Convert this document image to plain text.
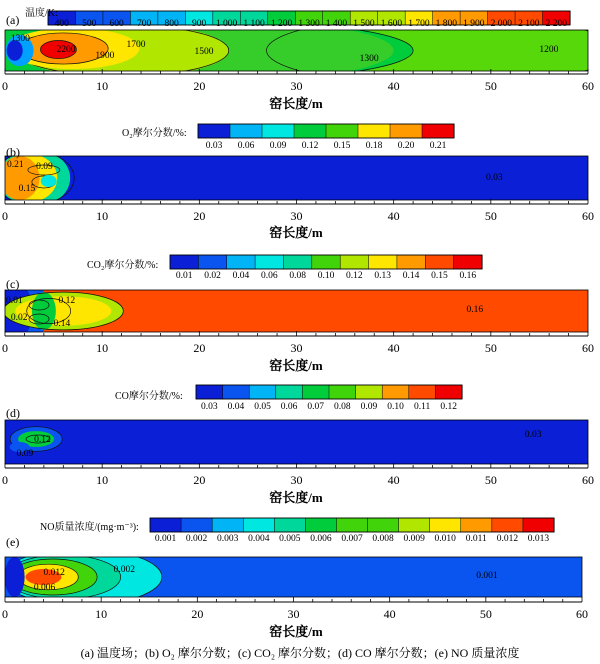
400 500 600 700 800 900 1 000 1 100 1 200 1 300 1 400 1 500 1 600 1 700 1 800 1 900 2 000 2 100 2 200
温度/K:
1300
2200	1700
1900	1500
1300
1200
0	10	20	30	40	50	60
窑长度/m
(a)
0.03 0.06 0.09 0.12 0.15 0.18 0.20 0.21
O₂摩尔分数/%:
0.21 0.09
0.15
0.03
0	10	20	30	40	50	60
窑长度/m
(b)
0.01 0.02 0.04 0.06 0.08 0.10 0.12 0.13 0.14 0.15 0.16
CO₂摩尔分数/%:
0.01
0.02
0.12
0.14
0.16
0	10	20	30	40	50	60
窑长度/m
(c)
0.03 0.04 0.05 0.06 0.07 0.08 0.09 0.10 0.11 0.12
CO摩尔分数/%:
0.12
0.09
0.03
0	10	20	30	40	50	60
窑长度/m
(d)
0.001 0.002 0.003 0.004 0.005 0.006 0.007 0.008 0.009 0.010 0.011 0.012 0.013
NO质量浓度/(mg·m⁻³):
0.012	0.002
0.006
0.001
0	10	20	30	40	50	60
窑长度/m
(e)
(a) 温度场；(b) O₂ 摩尔分数；(c) CO₂ 摩尔分数；(d) CO 摩尔分数；(e) NO 质量浓度
